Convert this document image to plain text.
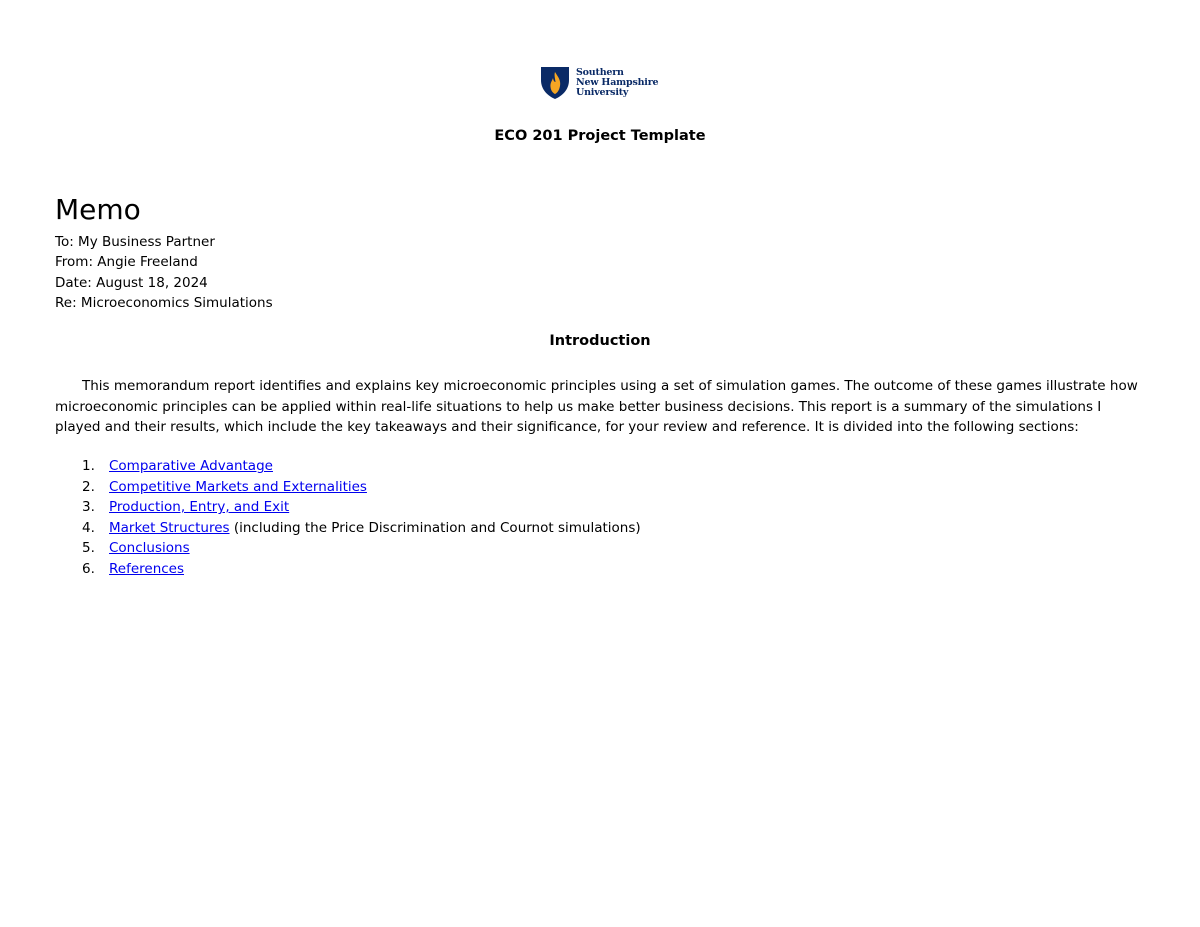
Southern
New Hampshire
University
ECO 201 Project Template
Memo
To: My Business Partner
From: Angie Freeland
Date: August 18, 2024
Re: Microeconomics Simulations
Introduction
This memorandum report identifies and explains key microeconomic principles using a set of simulation games. The outcome of these games illustrate how microeconomic principles can be applied within real-life situations to help us make better business decisions. This report is a summary of the simulations I played and their results, which include the key takeaways and their significance, for your review and reference. It is divided into the following sections:
1.	Comparative Advantage
2.	Competitive Markets and Externalities
3.	Production, Entry, and Exit
4.	Market Structures (including the Price Discrimination and Cournot simulations)
5.	Conclusions
6.	References
